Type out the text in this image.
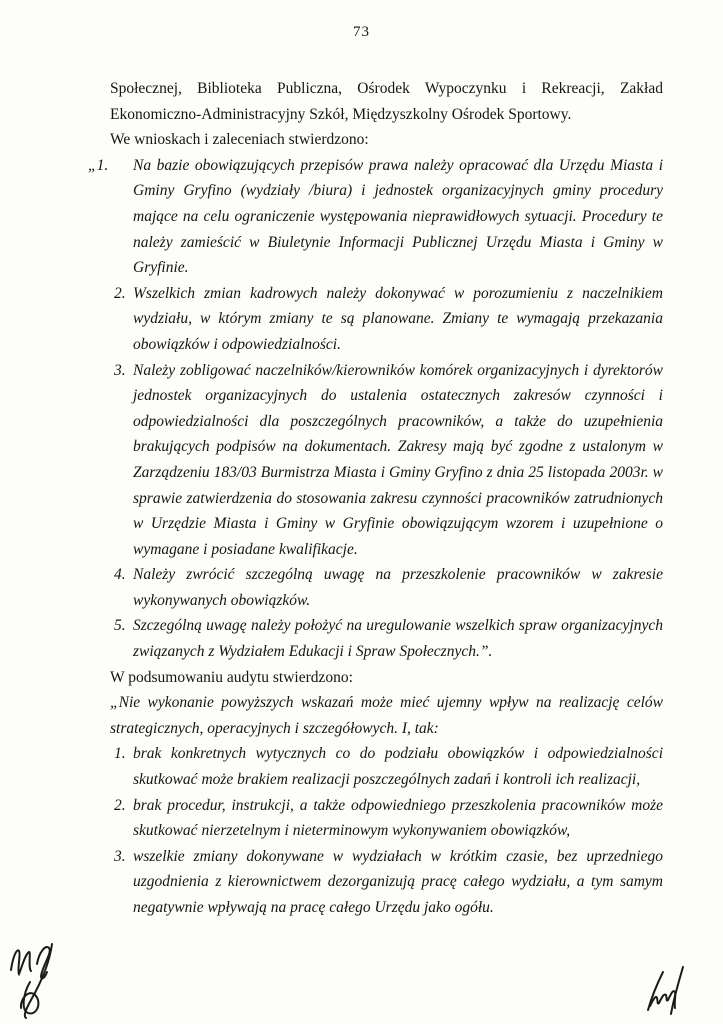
73

Społecznej, Biblioteka Publiczna, Ośrodek Wypoczynku i Rekreacji, Zakład Ekonomiczno-Administracyjny Szkół, Międzyszkolny Ośrodek Sportowy.

We wnioskach i zaleceniach stwierdzono:

„1. Na bazie obowiązujących przepisów prawa należy opracować dla Urzędu Miasta i Gminy Gryfino (wydziały /biura) i jednostek organizacyjnych gminy procedury mające na celu ograniczenie występowania nieprawidłowych sytuacji. Procedury te należy zamieścić w Biuletynie Informacji Publicznej Urzędu Miasta i Gminy w Gryfinie.
2. Wszelkich zmian kadrowych należy dokonywać w porozumieniu z naczelnikiem wydziału, w którym zmiany te są planowane. Zmiany te wymagają przekazania obowiązków i odpowiedzialności.
3. Należy zobligować naczelników/kierowników komórek organizacyjnych i dyrektorów jednostek organizacyjnych do ustalenia ostatecznych zakresów czynności i odpowiedzialności dla poszczególnych pracowników, a także do uzupełnienia brakujących podpisów na dokumentach. Zakresy mają być zgodne z ustalonym w Zarządzeniu 183/03 Burmistrza Miasta i Gminy Gryfino z dnia 25 listopada 2003r. w sprawie zatwierdzenia do stosowania zakresu czynności pracowników zatrudnionych w Urzędzie Miasta i Gminy w Gryfinie obowiązującym wzorem i uzupełnione o wymagane i posiadane kwalifikacje.
4. Należy zwrócić szczególną uwagę na przeszkolenie pracowników w zakresie wykonywanych obowiązków.
5. Szczególną uwagę należy położyć na uregulowanie wszelkich spraw organizacyjnych związanych z Wydziałem Edukacji i Spraw Społecznych.”.

W podsumowaniu audytu stwierdzono:

„Nie wykonanie powyższych wskazań może mieć ujemny wpływ na realizację celów strategicznych, operacyjnych i szczegółowych. I, tak:

1. brak konkretnych wytycznych co do podziału obowiązków i odpowiedzialności skutkować może brakiem realizacji poszczególnych zadań i kontroli ich realizacji,
2. brak procedur, instrukcji, a także odpowiedniego przeszkolenia pracowników może skutkować nierzetelnym i nieterminowym wykonywaniem obowiązków,
3. wszelkie zmiany dokonywane w wydziałach w krótkim czasie, bez uprzedniego uzgodnienia z kierownictwem dezorganizują pracę całego wydziału, a tym samym negatywnie wpływają na pracę całego Urzędu jako ogółu.
